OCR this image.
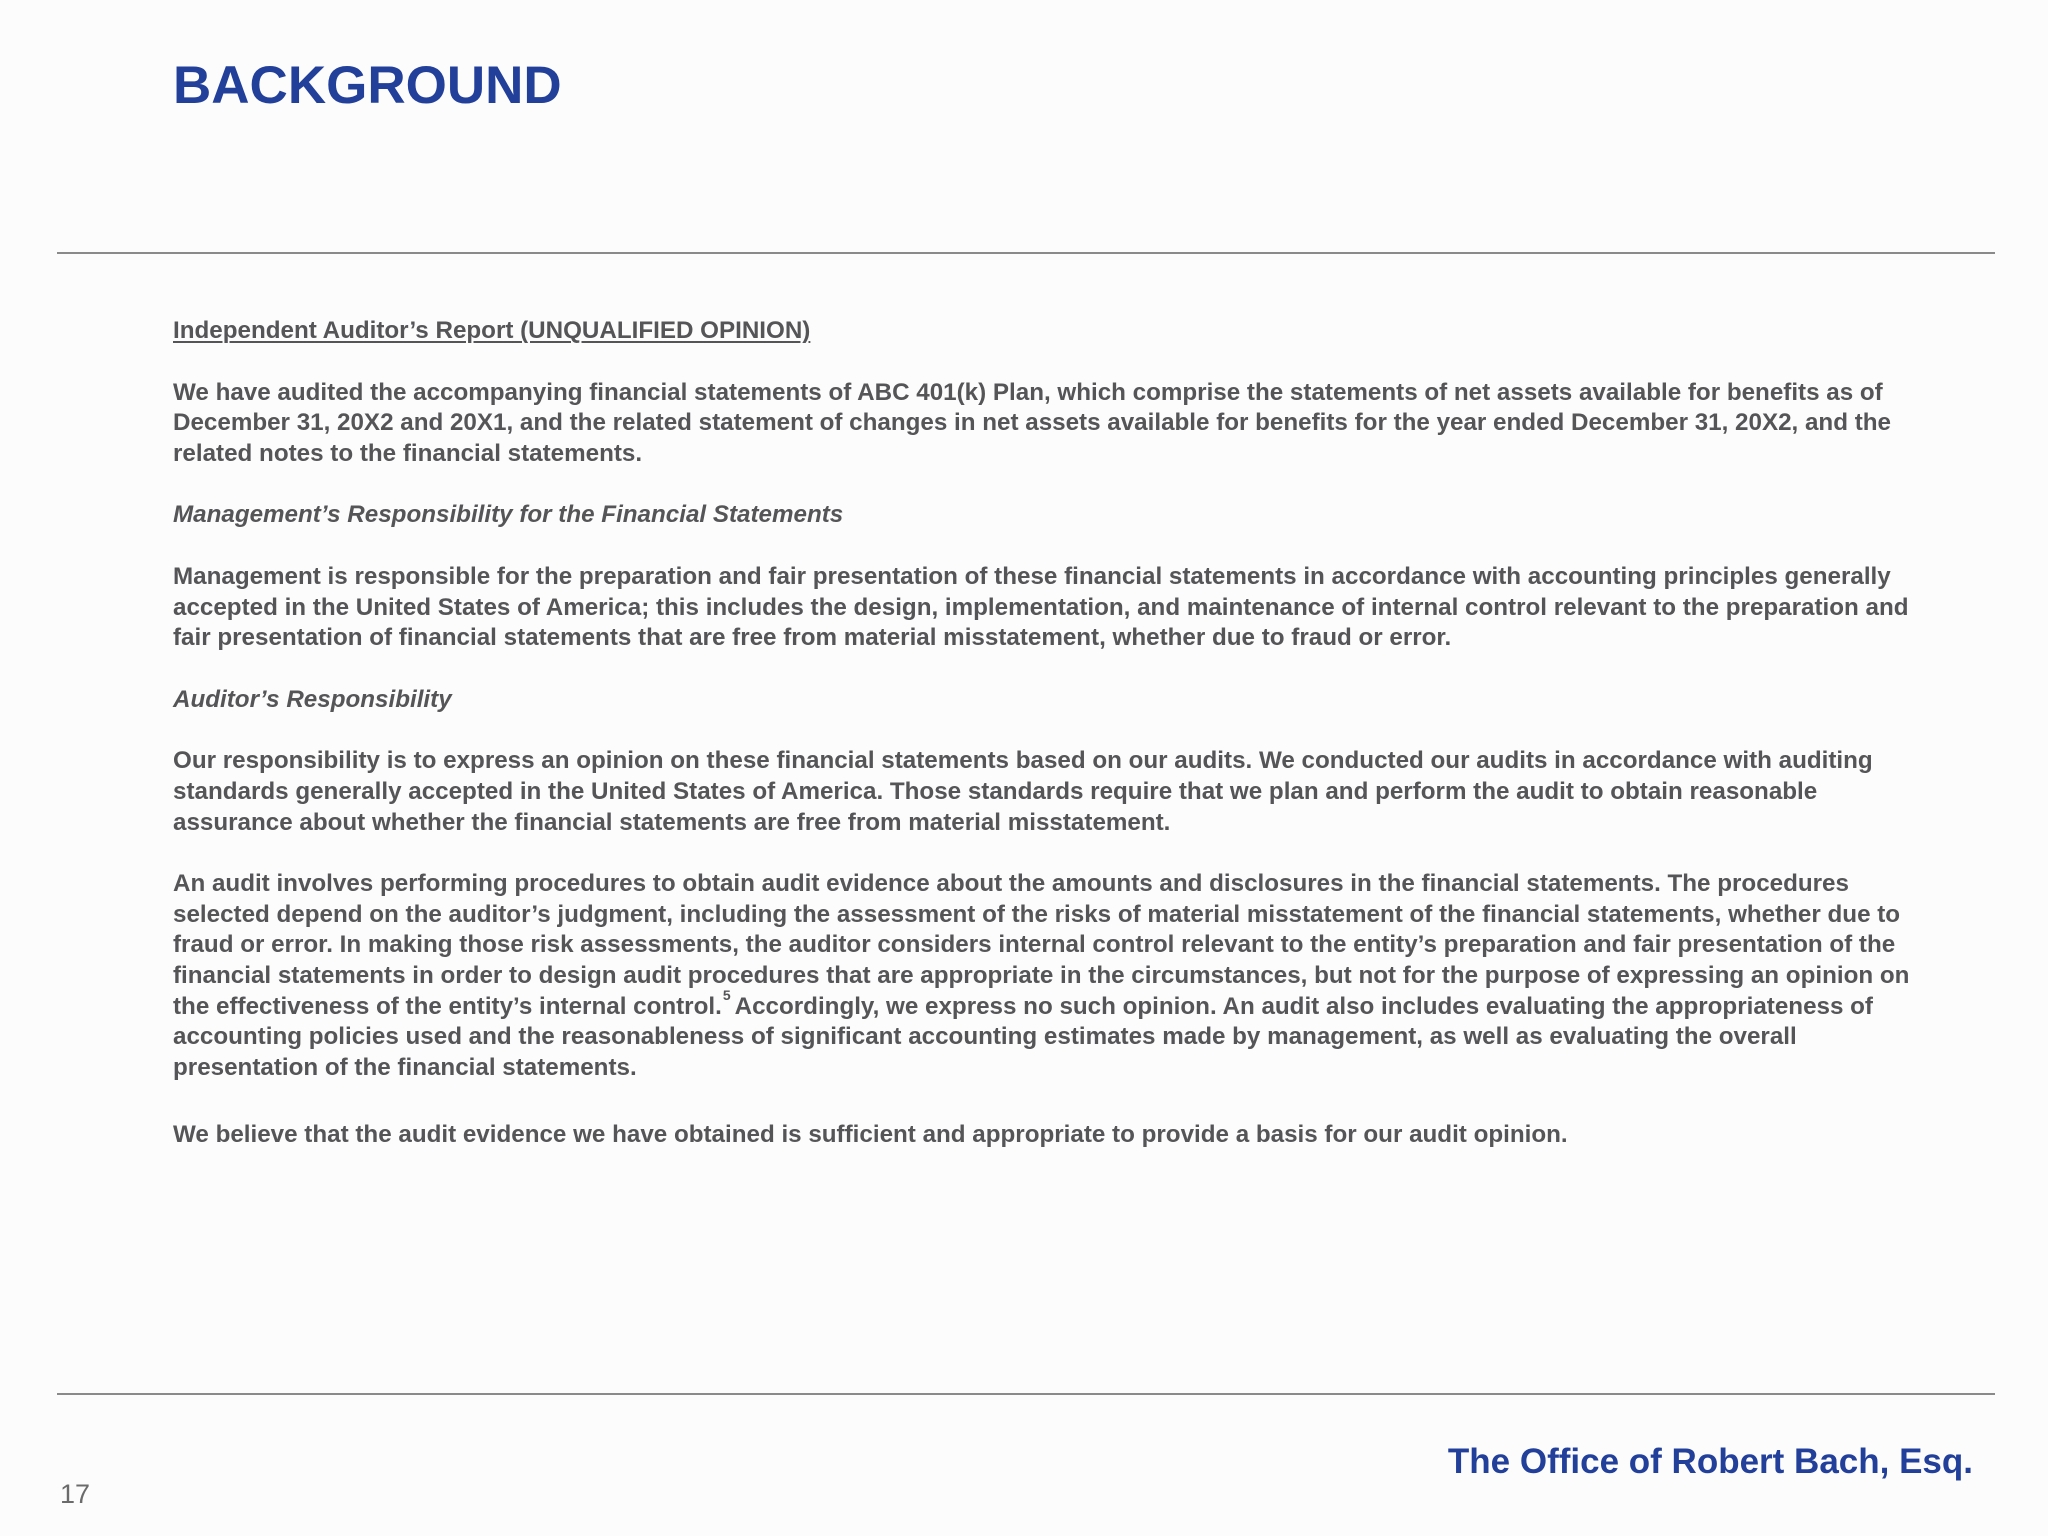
BACKGROUND

Independent Auditor’s Report (UNQUALIFIED OPINION)

We have audited the accompanying financial statements of ABC 401(k) Plan, which comprise the statements of net assets available for benefits as of December 31, 20X2 and 20X1, and the related statement of changes in net assets available for benefits for the year ended December 31, 20X2, and the related notes to the financial statements.

Management’s Responsibility for the Financial Statements

Management is responsible for the preparation and fair presentation of these financial statements in accordance with accounting principles generally accepted in the United States of America; this includes the design, implementation, and maintenance of internal control relevant to the preparation and fair presentation of financial statements that are free from material misstatement, whether due to fraud or error.

Auditor’s Responsibility

Our responsibility is to express an opinion on these financial statements based on our audits. We conducted our audits in accordance with auditing standards generally accepted in the United States of America. Those standards require that we plan and perform the audit to obtain reasonable assurance about whether the financial statements are free from material misstatement.

An audit involves performing procedures to obtain audit evidence about the amounts and disclosures in the financial statements. The procedures selected depend on the auditor’s judgment, including the assessment of the risks of material misstatement of the financial statements, whether due to fraud or error. In making those risk assessments, the auditor considers internal control relevant to the entity’s preparation and fair presentation of the financial statements in order to design audit procedures that are appropriate in the circumstances, but not for the purpose of expressing an opinion on the effectiveness of the entity’s internal control.$^5$ Accordingly, we express no such opinion. An audit also includes evaluating the appropriateness of accounting policies used and the reasonableness of significant accounting estimates made by management, as well as evaluating the overall presentation of the financial statements.

We believe that the audit evidence we have obtained is sufficient and appropriate to provide a basis for our audit opinion.

17
The Office of Robert Bach, Esq.
